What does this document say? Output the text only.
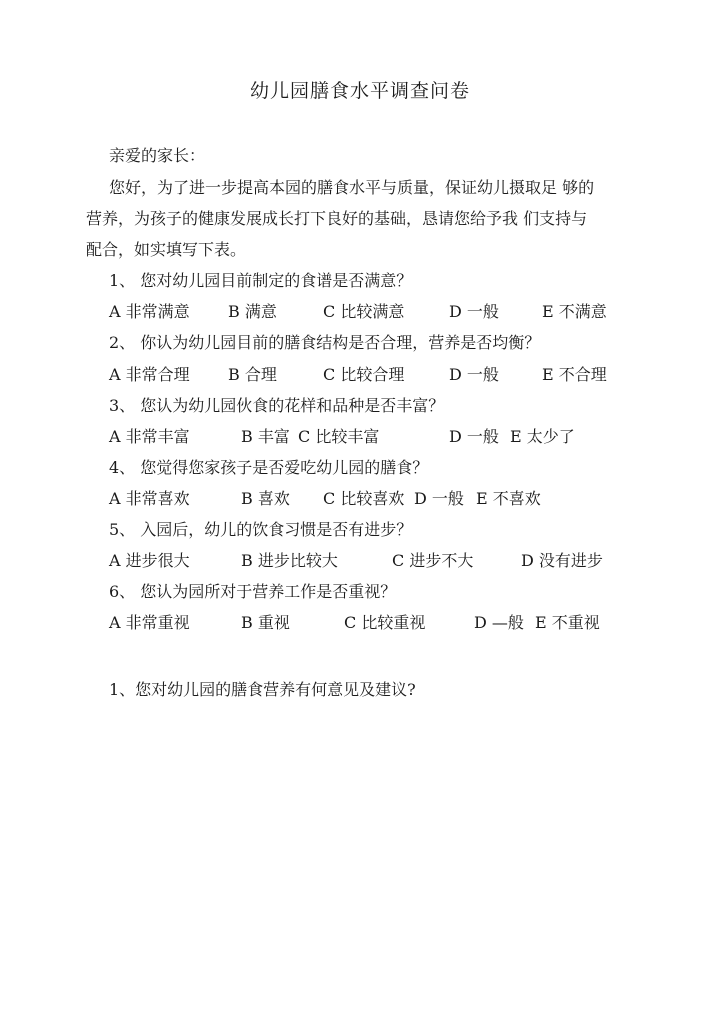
幼儿园膳食水平调查问卷
亲爱的家长：
您好，为了进一步提高本园的膳食水平与质量，保证幼儿摄取足 够的
营养，为孩子的健康发展成长打下良好的基础，恳请您给予我 们支持与
配合，如实填写下表。
1、 您对幼儿园目前制定的食谱是否满意？
A 非常满意 B 满意	C 比较满意	D 一般	E 不满意
2、 你认为幼儿园目前的膳食结构是否合理，营养是否均衡？
A 非常合理 B 合理	C 比较合理	D 一般	E 不合理
3、 您认为幼儿园伙食的花样和品种是否丰富？
A 非常丰富	B 丰富 C 比较丰富	D 一般 E 太少了
4、 您觉得您家孩子是否爱吃幼儿园的膳食？
A 非常喜欢	B 喜欢 C 比较喜欢 D 一般 E 不喜欢
5、 入园后，幼儿的饮食习惯是否有进步？
A 进步很大	B 进步比较大	C 进步不大	D 没有进步
6、 您认为园所对于营养工作是否重视？
A 非常重视	B 重视	C 比较重视	D —般 E 不重视
1、您对幼儿园的膳食营养有何意见及建议?
